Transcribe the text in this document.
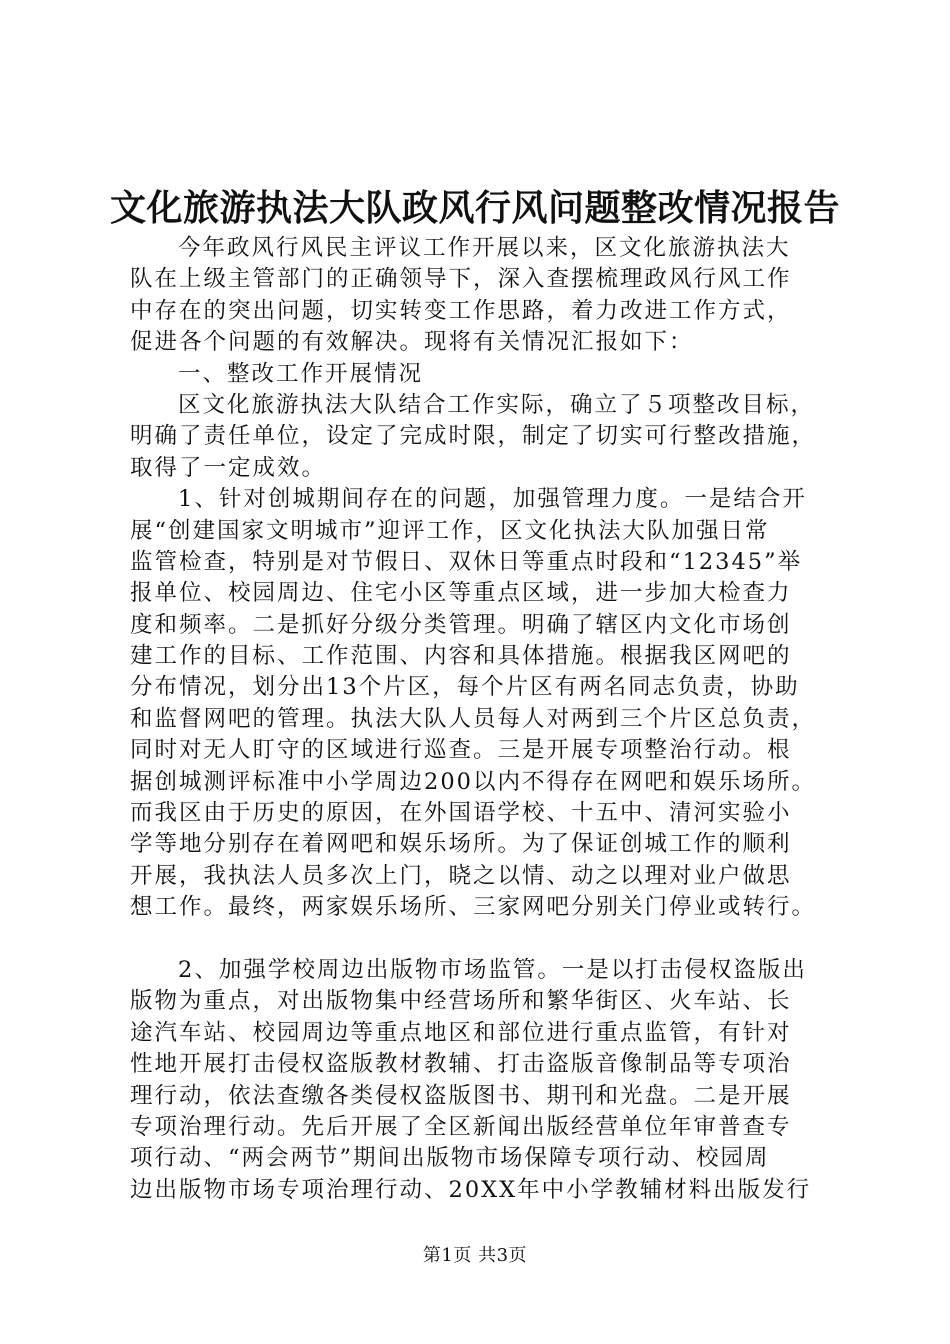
文化旅游执法大队政风行风问题整改情况报告
今年政风行风民主评议工作开展以来，区文化旅游执法大
队在上级主管部门的正确领导下，深入查摆梳理政风行风工作
中存在的突出问题，切实转变工作思路，着力改进工作方式，
促进各个问题的有效解决。现将有关情况汇报如下：
一、整改工作开展情况
区文化旅游执法大队结合工作实际，确立了５项整改目标，
明确了责任单位，设定了完成时限，制定了切实可行整改措施，
取得了一定成效。
1、针对创城期间存在的问题，加强管理力度。一是结合开
展“创建国家文明城市”迎评工作，区文化执法大队加强日常
监管检查，特别是对节假日、双休日等重点时段和“12345”举
报单位、校园周边、住宅小区等重点区域，进一步加大检查力
度和频率。二是抓好分级分类管理。明确了辖区内文化市场创
建工作的目标、工作范围、内容和具体措施。根据我区网吧的
分布情况，划分出13个片区，每个片区有两名同志负责，协助
和监督网吧的管理。执法大队人员每人对两到三个片区总负责，
同时对无人盯守的区域进行巡查。三是开展专项整治行动。根
据创城测评标准中小学周边200以内不得存在网吧和娱乐场所。
而我区由于历史的原因，在外国语学校、十五中、清河实验小
学等地分别存在着网吧和娱乐场所。为了保证创城工作的顺利
开展，我执法人员多次上门，晓之以情、动之以理对业户做思
想工作。最终，两家娱乐场所、三家网吧分别关门停业或转行。
2、加强学校周边出版物市场监管。一是以打击侵权盗版出
版物为重点，对出版物集中经营场所和繁华街区、火车站、长
途汽车站、校园周边等重点地区和部位进行重点监管，有针对
性地开展打击侵权盗版教材教辅、打击盗版音像制品等专项治
理行动，依法查缴各类侵权盗版图书、期刊和光盘。二是开展
专项治理行动。先后开展了全区新闻出版经营单位年审普查专
项行动、“两会两节”期间出版物市场保障专项行动、校园周
边出版物市场专项治理行动、20XX年中小学教辅材料出版发行
第1页 共3页
